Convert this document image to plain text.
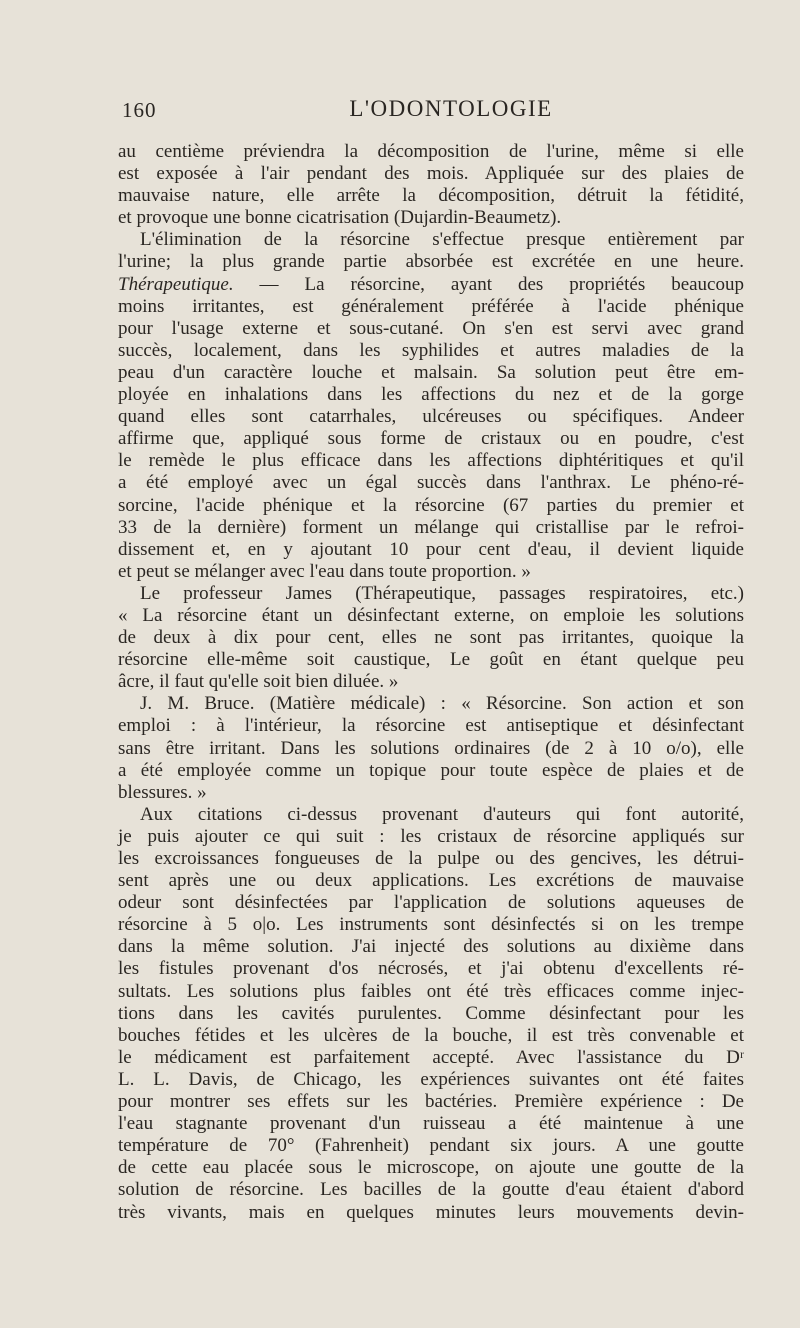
160	L'ODONTOLOGIE
au centième préviendra la décomposition de l'urine, même si elle
est exposée à l'air pendant des mois. Appliquée sur des plaies de
mauvaise nature, elle arrête la décomposition, détruit la fétidité,
et provoque une bonne cicatrisation (Dujardin-Beaumetz).
L'élimination de la résorcine s'effectue presque entièrement par
l'urine; la plus grande partie absorbée est excrétée en une heure.
Thérapeutique. — La résorcine, ayant des propriétés beaucoup
moins irritantes, est généralement préférée à l'acide phénique
pour l'usage externe et sous-cutané. On s'en est servi avec grand
succès, localement, dans les syphilides et autres maladies de la
peau d'un caractère louche et malsain. Sa solution peut être em-
ployée en inhalations dans les affections du nez et de la gorge
quand elles sont catarrhales, ulcéreuses ou spécifiques. Andeer
affirme que, appliqué sous forme de cristaux ou en poudre, c'est
le remède le plus efficace dans les affections diphtéritiques et qu'il
a été employé avec un égal succès dans l'anthrax. Le phéno-ré-
sorcine, l'acide phénique et la résorcine (67 parties du premier et
33 de la dernière) forment un mélange qui cristallise par le refroi-
dissement et, en y ajoutant 10 pour cent d'eau, il devient liquide
et peut se mélanger avec l'eau dans toute proportion. »
Le professeur James (Thérapeutique, passages respiratoires, etc.)
« La résorcine étant un désinfectant externe, on emploie les solutions
de deux à dix pour cent, elles ne sont pas irritantes, quoique la
résorcine elle-même soit caustique, Le goût en étant quelque peu
âcre, il faut qu'elle soit bien diluée. »
J. M. Bruce. (Matière médicale) : « Résorcine. Son action et son
emploi : à l'intérieur, la résorcine est antiseptique et désinfectant
sans être irritant. Dans les solutions ordinaires (de 2 à 10 o/o), elle
a été employée comme un topique pour toute espèce de plaies et de
blessures. »
Aux citations ci-dessus provenant d'auteurs qui font autorité,
je puis ajouter ce qui suit : les cristaux de résorcine appliqués sur
les excroissances fongueuses de la pulpe ou des gencives, les détrui-
sent après une ou deux applications. Les excrétions de mauvaise
odeur sont désinfectées par l'application de solutions aqueuses de
résorcine à 5 o|o. Les instruments sont désinfectés si on les trempe
dans la même solution. J'ai injecté des solutions au dixième dans
les fistules provenant d'os nécrosés, et j'ai obtenu d'excellents ré-
sultats. Les solutions plus faibles ont été très efficaces comme injec-
tions dans les cavités purulentes. Comme désinfectant pour les
bouches fétides et les ulcères de la bouche, il est très convenable et
le médicament est parfaitement accepté. Avec l'assistance du Dʳ
L. L. Davis, de Chicago, les expériences suivantes ont été faites
pour montrer ses effets sur les bactéries. Première expérience : De
l'eau stagnante provenant d'un ruisseau a été maintenue à une
température de 70° (Fahrenheit) pendant six jours. A une goutte
de cette eau placée sous le microscope, on ajoute une goutte de la
solution de résorcine. Les bacilles de la goutte d'eau étaient d'abord
très vivants, mais en quelques minutes leurs mouvements devin-
